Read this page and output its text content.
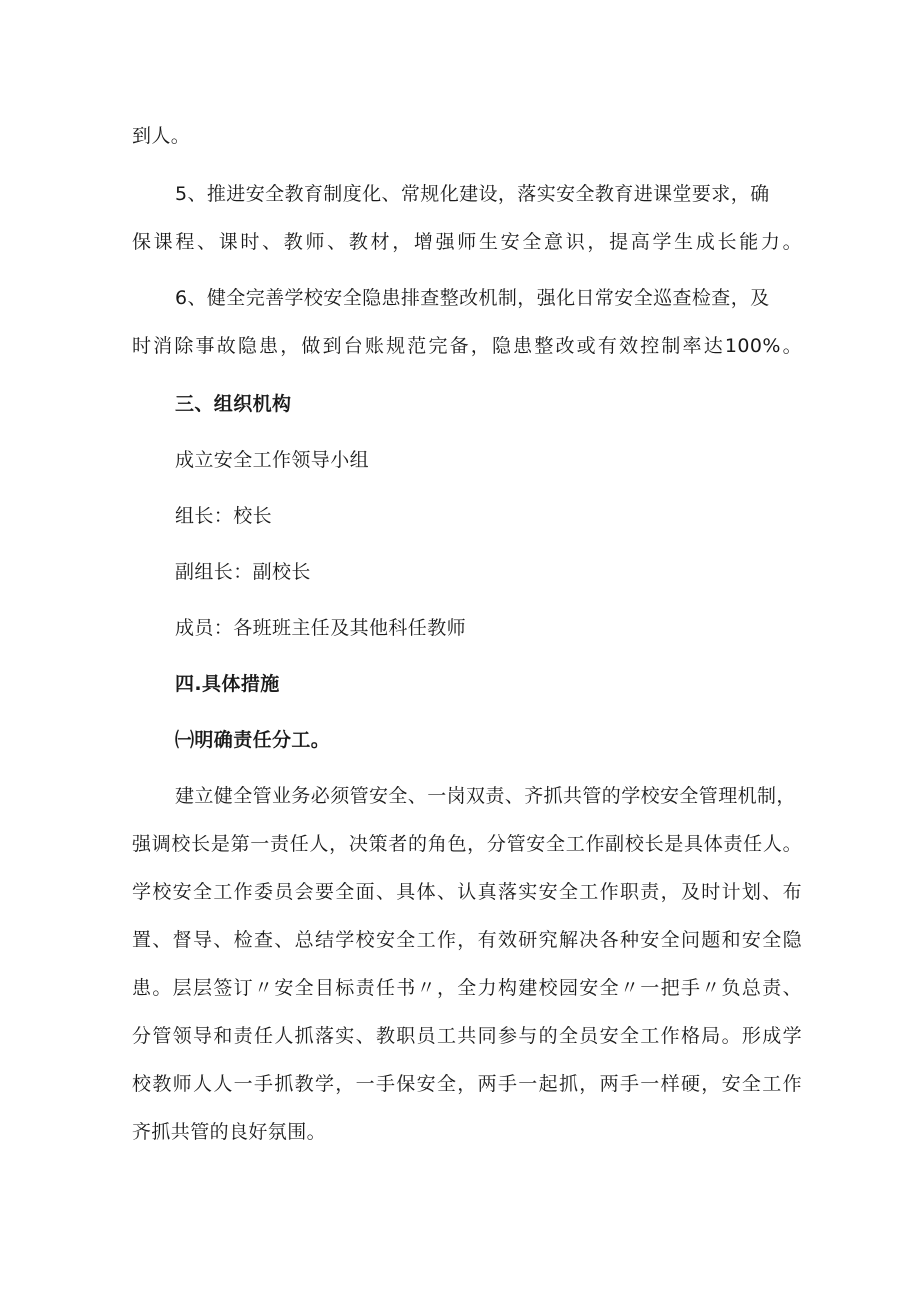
到人。
5、推进安全教育制度化、常规化建设，落实安全教育进课堂要求，确
保课程、课时、教师、教材，增强师生安全意识，提高学生成长能力。
6、健全完善学校安全隐患排查整改机制，强化日常安全巡查检查，及
时消除事故隐患，做到台账规范完备，隐患整改或有效控制率达100%。
三、组织机构
成立安全工作领导小组
组长：校长
副组长：副校长
成员：各班班主任及其他科任教师
四.具体措施
㈠明确责任分工。
建立健全管业务必须管安全、一岗双责、齐抓共管的学校安全管理机制，
强调校长是第一责任人，决策者的角色，分管安全工作副校长是具体责任人。
学校安全工作委员会要全面、具体、认真落实安全工作职责，及时计划、布
置、督导、检查、总结学校安全工作，有效研究解决各种安全问题和安全隐
患。层层签订〃安全目标责任书〃，全力构建校园安全〃一把手〃负总责、
分管领导和责任人抓落实、教职员工共同参与的全员安全工作格局。形成学
校教师人人一手抓教学，一手保安全，两手一起抓，两手一样硬，安全工作
齐抓共管的良好氛围。
